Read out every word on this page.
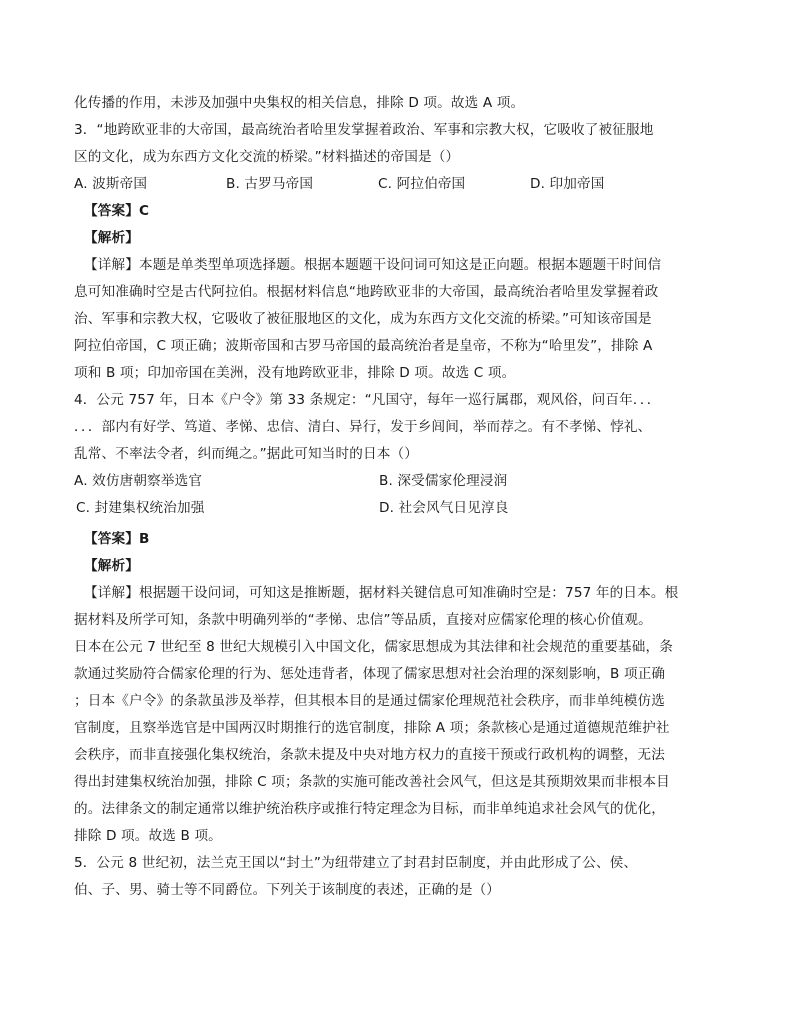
化传播的作用，未涉及加强中央集权的相关信息，排除 D 项。故选 A 项。
3．“地跨欧亚非的大帝国，最高统治者哈里发掌握着政治、军事和宗教大权，它吸收了被征服地
区的文化，成为东西方文化交流的桥梁。”材料描述的帝国是（）
A. 波斯帝国	B. 古罗马帝国	C. 阿拉伯帝国	D. 印加帝国
【答案】C
【解析】
【详解】本题是单类型单项选择题。根据本题题干设问词可知这是正向题。根据本题题干时间信
息可知准确时空是古代阿拉伯。根据材料信息“地跨欧亚非的大帝国，最高统治者哈里发掌握着政
治、军事和宗教大权，它吸收了被征服地区的文化，成为东西方文化交流的桥梁。”可知该帝国是
阿拉伯帝国，C 项正确；波斯帝国和古罗马帝国的最高统治者是皇帝，不称为“哈里发”，排除 A
项和 B 项；印加帝国在美洲，没有地跨欧亚非，排除 D 项。故选 C 项。
4．公元 757 年，日本《户令》第 33 条规定：“凡国守，每年一巡行属郡，观风俗，问百年．．．
．．．部内有好学、笃道、孝悌、忠信、清白、异行，发于乡闾间，举而荐之。有不孝悌、悖礼、
乱常、不率法令者，纠而绳之。”据此可知当时的日本（）
A. 效仿唐朝察举选官	B. 深受儒家伦理浸润
C. 封建集权统治加强	D. 社会风气日见淳良
【答案】B
【解析】
【详解】根据题干设问词，可知这是推断题，据材料关键信息可知准确时空是：757 年的日本。根
据材料及所学可知，条款中明确列举的“孝悌、忠信”等品质，直接对应儒家伦理的核心价值观。
日本在公元 7 世纪至 8 世纪大规模引入中国文化，儒家思想成为其法律和社会规范的重要基础，条
款通过奖励符合儒家伦理的行为、惩处违背者，体现了儒家思想对社会治理的深刻影响，B 项正确
；日本《户令》的条款虽涉及举荐，但其根本目的是通过儒家伦理规范社会秩序，而非单纯模仿选
官制度，且察举选官是中国两汉时期推行的选官制度，排除 A 项；条款核心是通过道德规范维护社
会秩序，而非直接强化集权统治，条款未提及中央对地方权力的直接干预或行政机构的调整，无法
得出封建集权统治加强，排除 C 项；条款的实施可能改善社会风气，但这是其预期效果而非根本目
的。法律条文的制定通常以维护统治秩序或推行特定理念为目标，而非单纯追求社会风气的优化，
排除 D 项。故选 B 项。
5．公元 8 世纪初，法兰克王国以“封土”为纽带建立了封君封臣制度，并由此形成了公、侯、
伯、子、男、骑士等不同爵位。下列关于该制度的表述，正确的是（）
